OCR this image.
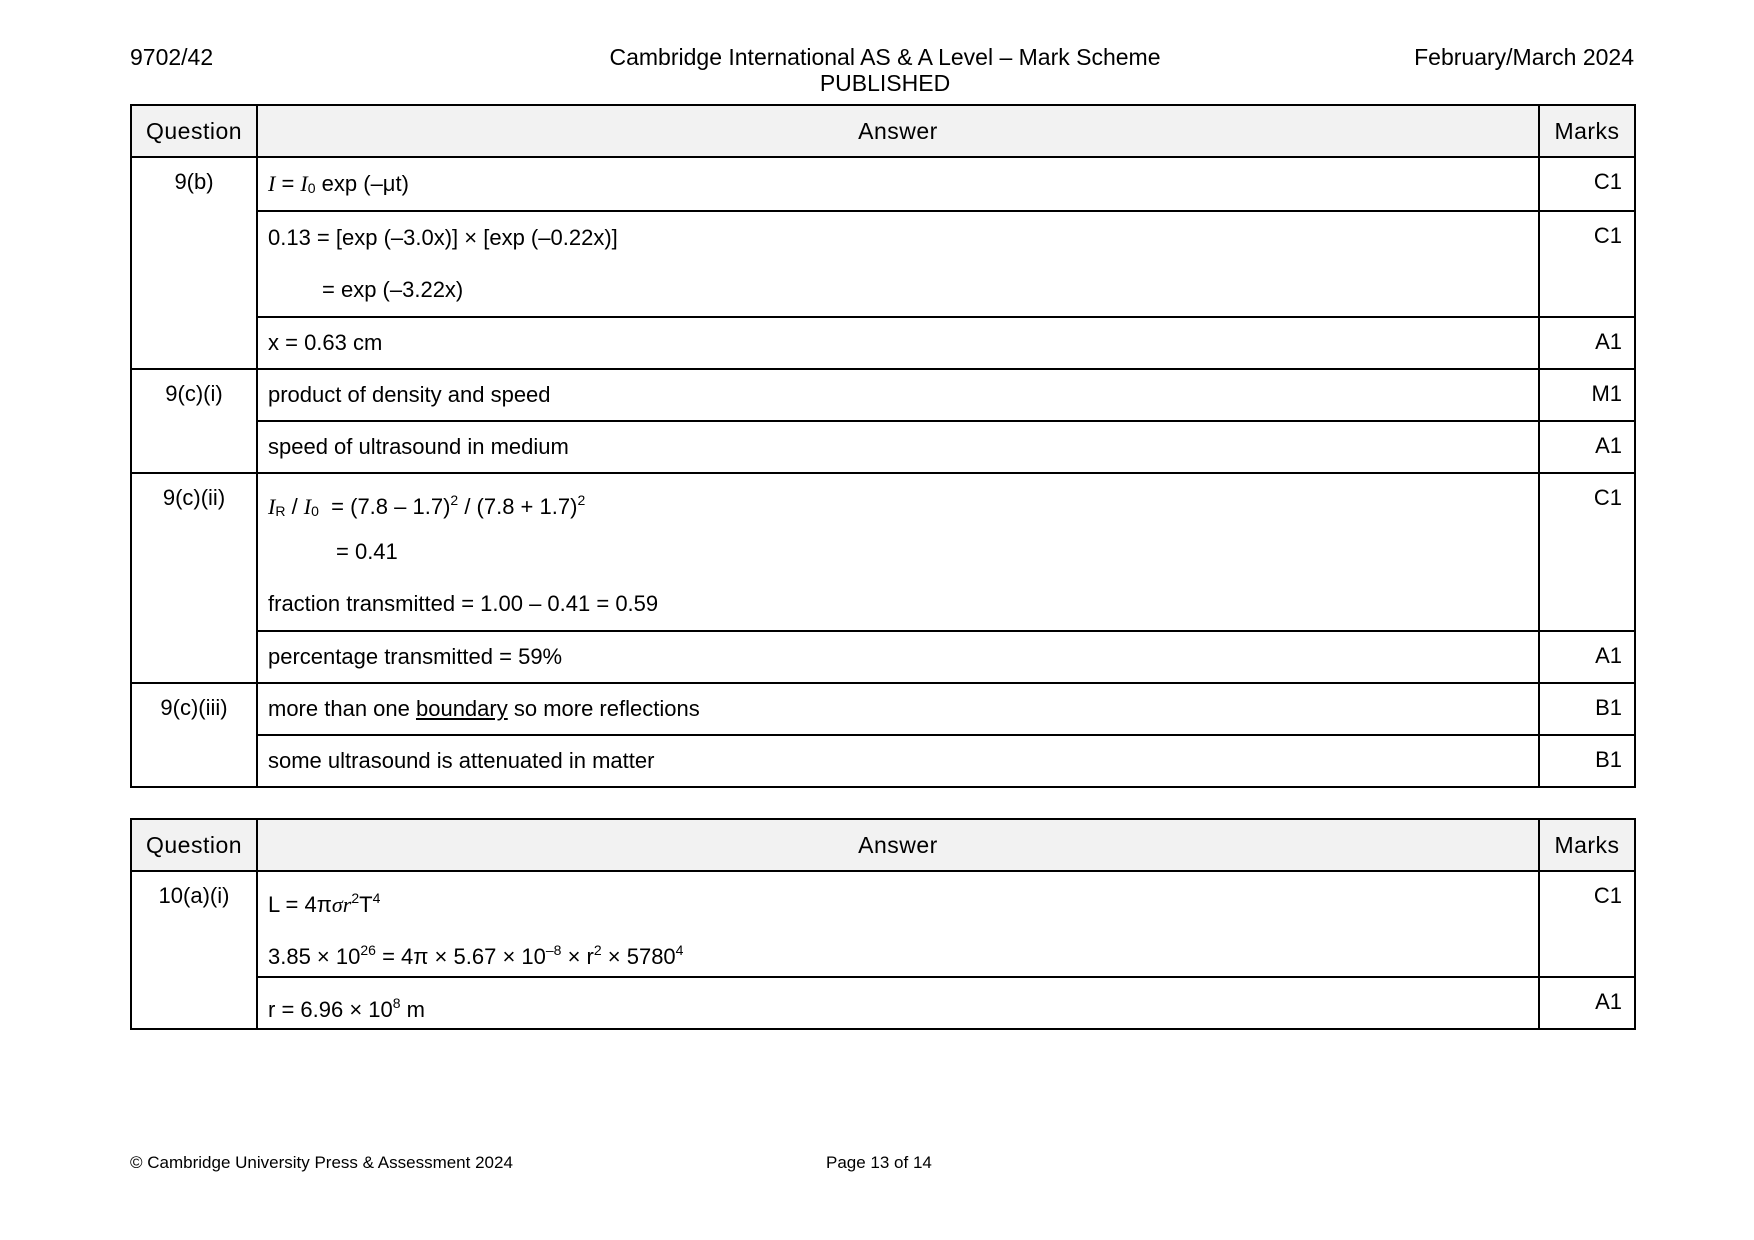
9702/42	Cambridge International AS & A Level – Mark Scheme
PUBLISHED
February/March 2024
Question	Answer	Marks
9(b)	I = I0 exp (–μt)	C1

	0.13 = [exp (–3.0x)] × [exp (–0.22x)]
= exp (–3.22x)	C1

	x = 0.63 cm	A1
9(c)(i)	product of density and speed	M1

	speed of ultrasound in medium	A1
9(c)(ii)	IR / $I0 = (7.8 - 1.7)^2 / (7.8 + 1.7)^2$
= 0.41
fraction transmitted = 1.00 – 0.41 = 0.59	C1

	percentage transmitted = 59%	A1
9(c)(iii)	more than one boundary so more reflections	B1

	some ultrasound is attenuated in matter	B1
Question	Answer	Marks
10(a)(i)	$L = 4\pi\sigma r^2T^4$
$3.85 \times 10^{26} = 4\pi \times 5.67 \times 10^{-8} \times r^2 \times 5780^4$	C1

	$r = 6.96 \times 10^8$ m	A1
© Cambridge University Press & Assessment 2024	Page 13 of 14
